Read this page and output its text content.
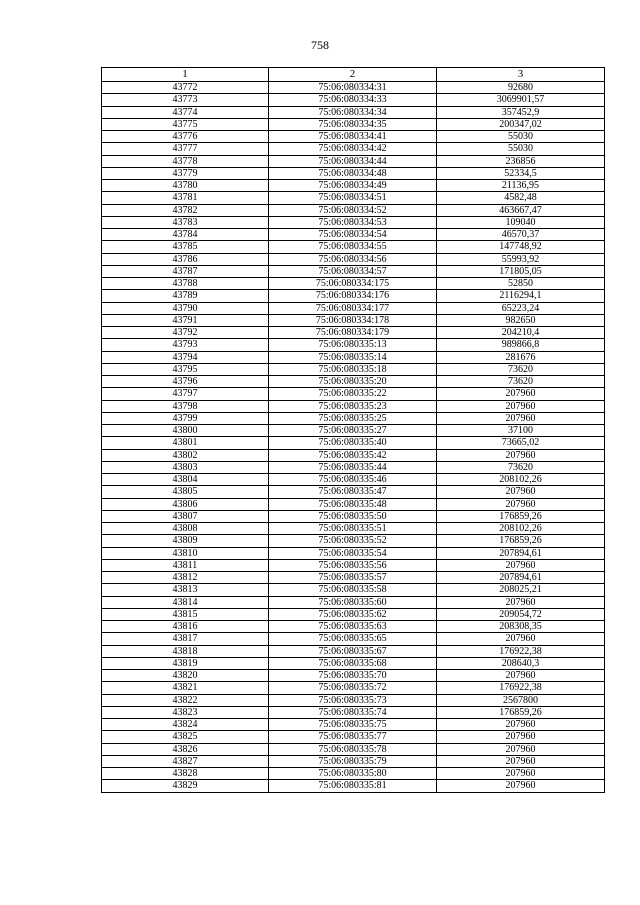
758
1	2	3
43772	75:06:080334:31	92680
43773	75:06:080334:33	3069901,57
43774	75:06:080334:34	357452,9
43775	75:06:080334:35	200347,02
43776	75:06:080334:41	55030
43777	75:06:080334:42	55030
43778	75:06:080334:44	236856
43779	75:06:080334:48	52334,5
43780	75:06:080334:49	21136,95
43781	75:06:080334:51	4582,48
43782	75:06:080334:52	463667,47
43783	75:06:080334:53	109040
43784	75:06:080334:54	46570,37
43785	75:06:080334:55	147748,92
43786	75:06:080334:56	55993,92
43787	75:06:080334:57	171805,05
43788	75:06:080334:175	52850
43789	75:06:080334:176	2116294,1
43790	75:06:080334:177	65223,24
43791	75:06:080334:178	982650
43792	75:06:080334:179	204210,4
43793	75:06:080335:13	989866,8
43794	75:06:080335:14	281676
43795	75:06:080335:18	73620
43796	75:06:080335:20	73620
43797	75:06:080335:22	207960
43798	75:06:080335:23	207960
43799	75:06:080335:25	207960
43800	75:06:080335:27	37100
43801	75:06:080335:40	73665,02
43802	75:06:080335:42	207960
43803	75:06:080335:44	73620
43804	75:06:080335:46	208102,26
43805	75:06:080335:47	207960
43806	75:06:080335:48	207960
43807	75:06:080335:50	176859,26
43808	75:06:080335:51	208102,26
43809	75:06:080335:52	176859,26
43810	75:06:080335:54	207894,61
43811	75:06:080335:56	207960
43812	75:06:080335:57	207894,61
43813	75:06:080335:58	208025,21
43814	75:06:080335:60	207960
43815	75:06:080335:62	209054,72
43816	75:06:080335:63	208308,35
43817	75:06:080335:65	207960
43818	75:06:080335:67	176922,38
43819	75:06:080335:68	208640,3
43820	75:06:080335:70	207960
43821	75:06:080335:72	176922,38
43822	75:06:080335:73	2567800
43823	75:06:080335:74	176859,26
43824	75:06:080335:75	207960
43825	75:06:080335:77	207960
43826	75:06:080335:78	207960
43827	75:06:080335:79	207960
43828	75:06:080335:80	207960
43829	75:06:080335:81	207960
